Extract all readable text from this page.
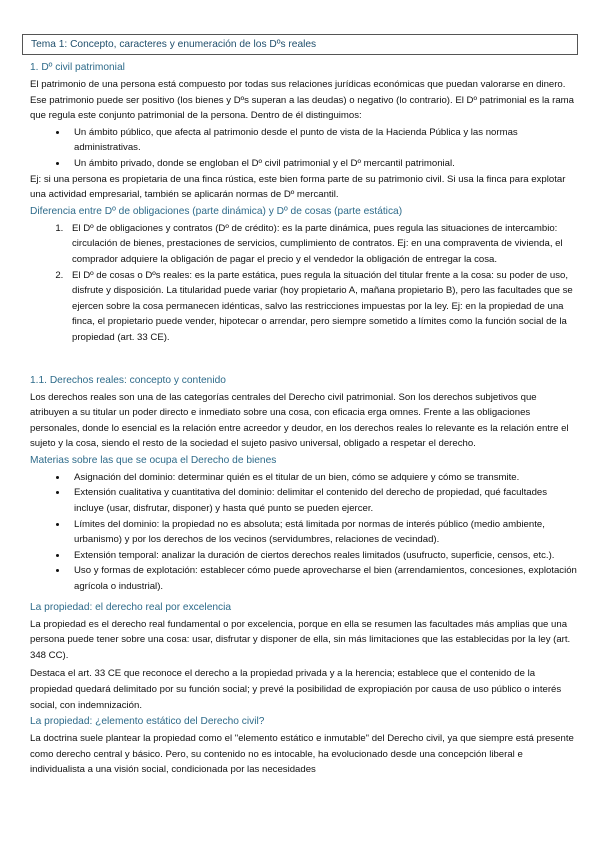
Tema 1: Concepto, caracteres y enumeración de los Dºs reales
1. Dº civil patrimonial

El patrimonio de una persona está compuesto por todas sus relaciones jurídicas económicas que puedan valorarse en dinero. Ese patrimonio puede ser positivo (los bienes y Dºs superan a las deudas) o negativo (lo contrario). El Dº patrimonial es la rama que regula este conjunto patrimonial de la persona. Dentro de él distinguimos:

• Un ámbito público, que afecta al patrimonio desde el punto de vista de la Hacienda Pública y las normas administrativas.
• Un ámbito privado, donde se engloban el Dº civil patrimonial y el Dº mercantil patrimonial.

Ej: si una persona es propietaria de una finca rústica, este bien forma parte de su patrimonio civil. Si usa la finca para explotar una actividad empresarial, también se aplicarán normas de Dº mercantil.

Diferencia entre Dº de obligaciones (parte dinámica) y Dº de cosas (parte estática)
1. El Dº de obligaciones y contratos (Dº de crédito): es la parte dinámica, pues regula las situaciones de intercambio: circulación de bienes, prestaciones de servicios, cumplimiento de contratos. Ej: en una compraventa de vivienda, el comprador adquiere la obligación de pagar el precio y el vendedor la obligación de entregar la cosa.
2. El Dº de cosas o Dºs reales: es la parte estática, pues regula la situación del titular frente a la cosa: su poder de uso, disfrute y disposición. La titularidad puede variar (hoy propietario A, mañana propietario B), pero las facultades que se ejercen sobre la cosa permanecen idénticas, salvo las restricciones impuestas por la ley. Ej: en la propiedad de una finca, el propietario puede vender, hipotecar o arrendar, pero siempre sometido a límites como la función social de la propiedad (art. 33 CE).
1.1. Derechos reales: concepto y contenido

Los derechos reales son una de las categorías centrales del Derecho civil patrimonial. Son los derechos subjetivos que atribuyen a su titular un poder directo e inmediato sobre una cosa, con eficacia erga omnes. Frente a las obligaciones personales, donde lo esencial es la relación entre acreedor y deudor, en los derechos reales lo relevante es la relación entre el sujeto y la cosa, siendo el resto de la sociedad el sujeto pasivo universal, obligado a respetar el derecho.

Materias sobre las que se ocupa el Derecho de bienes
• Asignación del dominio: determinar quién es el titular de un bien, cómo se adquiere y cómo se transmite.
• Extensión cualitativa y cuantitativa del dominio: delimitar el contenido del derecho de propiedad, qué facultades incluye (usar, disfrutar, disponer) y hasta qué punto se pueden ejercer.
• Límites del dominio: la propiedad no es absoluta; está limitada por normas de interés público (medio ambiente, urbanismo) y por los derechos de los vecinos (servidumbres, relaciones de vecindad).
• Extensión temporal: analizar la duración de ciertos derechos reales limitados (usufructo, superficie, censos, etc.).
• Uso y formas de explotación: establecer cómo puede aprovecharse el bien (arrendamientos, concesiones, explotación agrícola o industrial).
La propiedad: el derecho real por excelencia

La propiedad es el derecho real fundamental o por excelencia, porque en ella se resumen las facultades más amplias que una persona puede tener sobre una cosa: usar, disfrutar y disponer de ella, sin más limitaciones que las establecidas por la ley (art. 348 CC).

Destaca el art. 33 CE que reconoce el derecho a la propiedad privada y a la herencia; establece que el contenido de la propiedad quedará delimitado por su función social; y prevé la posibilidad de expropiación por causa de uso público o interés social, con indemnización.

La propiedad: ¿elemento estático del Derecho civil?

La doctrina suele plantear la propiedad como el "elemento estático e inmutable" del Derecho civil, ya que siempre está presente como derecho central y básico. Pero, su contenido no es intocable, ha evolucionado desde una concepción liberal e individualista a una visión social, condicionada por las necesidades
